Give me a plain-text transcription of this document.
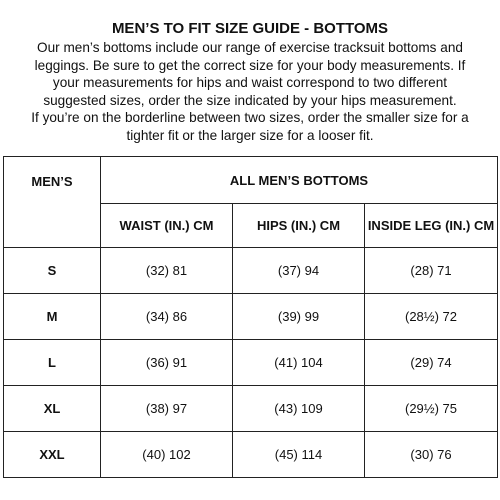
MEN’S TO FIT SIZE GUIDE - BOTTOMS
Our men’s bottoms include our range of exercise tracksuit bottoms and
leggings. Be sure to get the correct size for your body measurements. If
your measurements for hips and waist correspond to two different
suggested sizes, order the size indicated by your hips measurement.
If you’re on the borderline between two sizes, order the smaller size for a
tighter fit or the larger size for a looser fit.
MEN’S	ALL MEN’S BOTTOMS		
	WAIST (IN.) CM	HIPS (IN.) CM	INSIDE LEG (IN.) CM
S	(32) 81	(37) 94	(28) 71
M	(34) 86	(39) 99	(28½) 72
L	(36) 91	(41) 104	(29) 74
XL	(38) 97	(43) 109	(29½) 75
XXL	(40) 102	(45) 114	(30) 76
